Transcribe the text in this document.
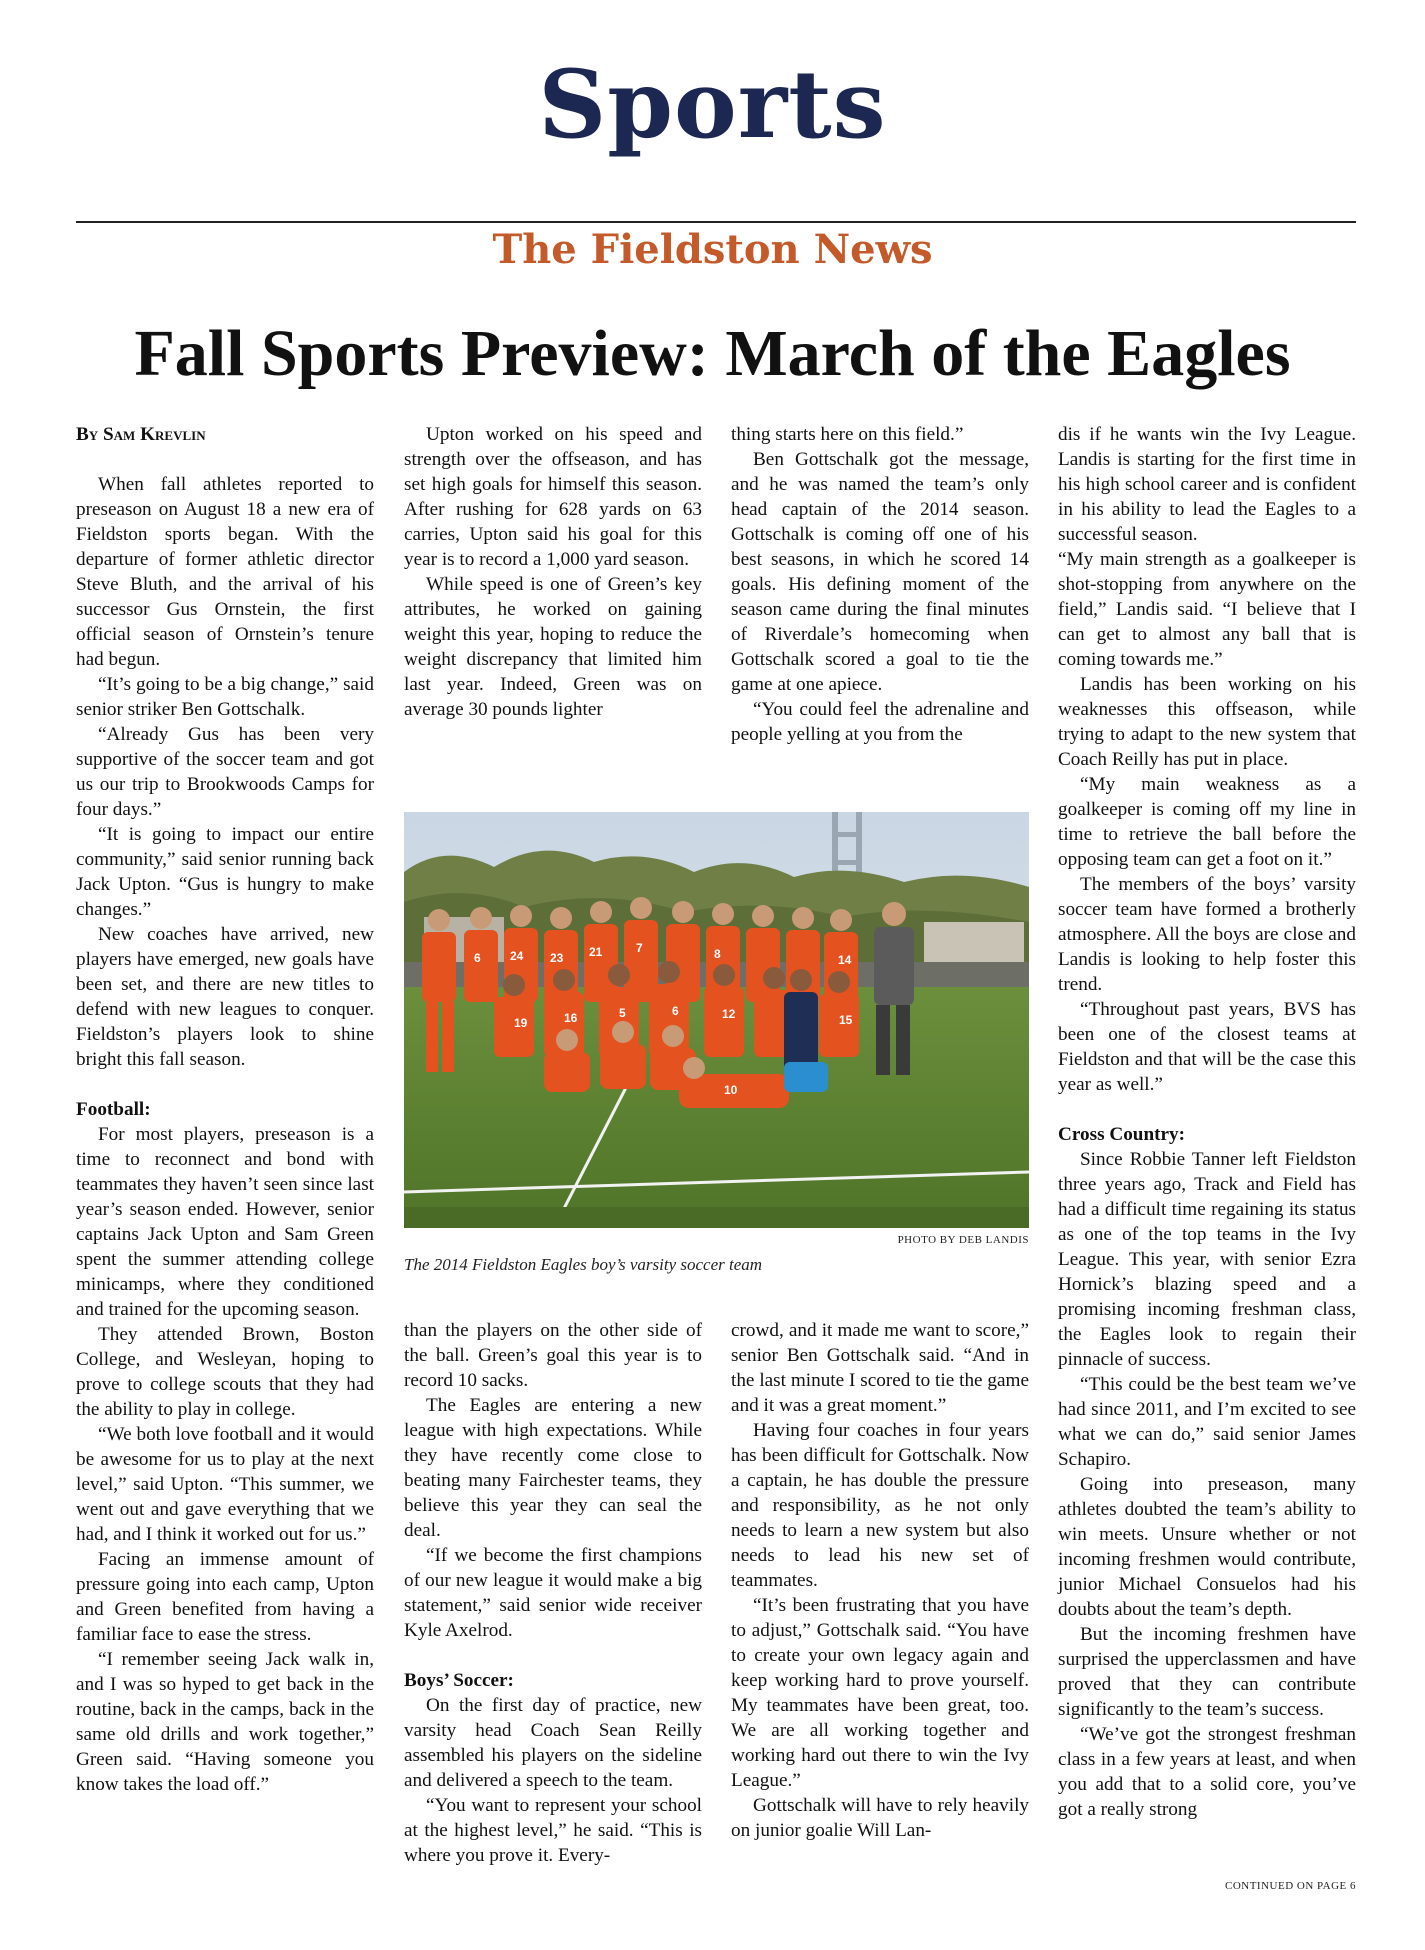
Sports
The Fieldston News
Fall Sports Preview: March of the Eagles

By Sam Krevlin

When fall athletes reported to preseason on August 18 a new era of Fieldston sports began. With the departure of former athletic director Steve Bluth, and the arrival of his successor Gus Ornstein, the first official season of Ornstein’s tenure had begun.

“It’s going to be a big change,” said senior striker Ben Gottschalk.

“Already Gus has been very supportive of the soccer team and got us our trip to Brookwoods Camps for four days.”

“It is going to impact our entire community,” said senior running back Jack Upton. “Gus is hungry to make changes.”

New coaches have arrived, new players have emerged, new goals have been set, and there are new titles to defend with new leagues to conquer. Fieldston’s players look to shine bright this fall season.

Football:

For most players, preseason is a time to reconnect and bond with teammates they haven’t seen since last year’s season ended. However, senior captains Jack Upton and Sam Green spent the summer attending college minicamps, where they conditioned and trained for the upcoming season.

They attended Brown, Boston College, and Wesleyan, hoping to prove to college scouts that they had the ability to play in college.

“We both love football and it would be awesome for us to play at the next level,” said Upton. “This summer, we went out and gave everything that we had, and I think it worked out for us.”

Facing an immense amount of pressure going into each camp, Upton and Green benefited from having a familiar face to ease the stress.

“I remember seeing Jack walk in, and I was so hyped to get back in the routine, back in the camps, back in the same old drills and work together,” Green said. “Having someone you know takes the load off.”

Upton worked on his speed and strength over the offseason, and has set high goals for himself this season. After rushing for 628 yards on 63 carries, Upton said his goal for this year is to record a 1,000 yard season.

While speed is one of Green’s key attributes, he worked on gaining weight this year, hoping to reduce the weight discrepancy that limited him last year. Indeed, Green was on average 30 pounds lighter

thing starts here on this field.”

Ben Gottschalk got the message, and he was named the team’s only head captain of the 2014 season. Gottschalk is coming off one of his best seasons, in which he scored 14 goals. His defining moment of the season came during the final minutes of Riverdale’s homecoming when Gottschalk scored a goal to tie the game at one apiece.

“You could feel the adrenaline and people yelling at you from the

6 24 23 21	7	8	14
19	16	5	6	12	15
10
PHOTO BY DEB LANDIS
The 2014 Fieldston Eagles boy’s varsity soccer team

than the players on the other side of the ball. Green’s goal this year is to record 10 sacks.

The Eagles are entering a new league with high expectations. While they have recently come close to beating many Fairchester teams, they believe this year they can seal the deal.

“If we become the first champions of our new league it would make a big statement,” said senior wide receiver Kyle Axelrod.

Boys’ Soccer:

On the first day of practice, new varsity head Coach Sean Reilly assembled his players on the sideline and delivered a speech to the team.

“You want to represent your school at the highest level,” he said. “This is where you prove it. Every-

crowd, and it made me want to score,” senior Ben Gottschalk said. “And in the last minute I scored to tie the game and it was a great moment.”

Having four coaches in four years has been difficult for Gottschalk. Now a captain, he has double the pressure and responsibility, as he not only needs to learn a new system but also needs to lead his new set of teammates.

“It’s been frustrating that you have to adjust,” Gottschalk said. “You have to create your own legacy again and keep working hard to prove yourself. My teammates have been great, too. We are all working together and working hard out there to win the Ivy League.”

Gottschalk will have to rely heavily on junior goalie Will Lan-

dis if he wants win the Ivy League. Landis is starting for the first time in his high school career and is confident in his ability to lead the Eagles to a successful season.

“My main strength as a goalkeeper is shot-stopping from anywhere on the field,” Landis said. “I believe that I can get to almost any ball that is coming towards me.”

Landis has been working on his weaknesses this offseason, while trying to adapt to the new system that Coach Reilly has put in place.

“My main weakness as a goalkeeper is coming off my line in time to retrieve the ball before the opposing team can get a foot on it.”

The members of the boys’ varsity soccer team have formed a brotherly atmosphere. All the boys are close and Landis is looking to help foster this trend.

“Throughout past years, BVS has been one of the closest teams at Fieldston and that will be the case this year as well.”

Cross Country:

Since Robbie Tanner left Fieldston three years ago, Track and Field has had a difficult time regaining its status as one of the top teams in the Ivy League. This year, with senior Ezra Hornick’s blazing speed and a promising incoming freshman class, the Eagles look to regain their pinnacle of success.

“This could be the best team we’ve had since 2011, and I’m excited to see what we can do,” said senior James Schapiro.

Going into preseason, many athletes doubted the team’s ability to win meets. Unsure whether or not incoming freshmen would contribute, junior Michael Consuelos had his doubts about the team’s depth.

But the incoming freshmen have surprised the upperclassmen and have proved that they can contribute significantly to the team’s success.

“We’ve got the strongest freshman class in a few years at least, and when you add that to a solid core, you’ve got a really strong

CONTINUED ON PAGE 6
